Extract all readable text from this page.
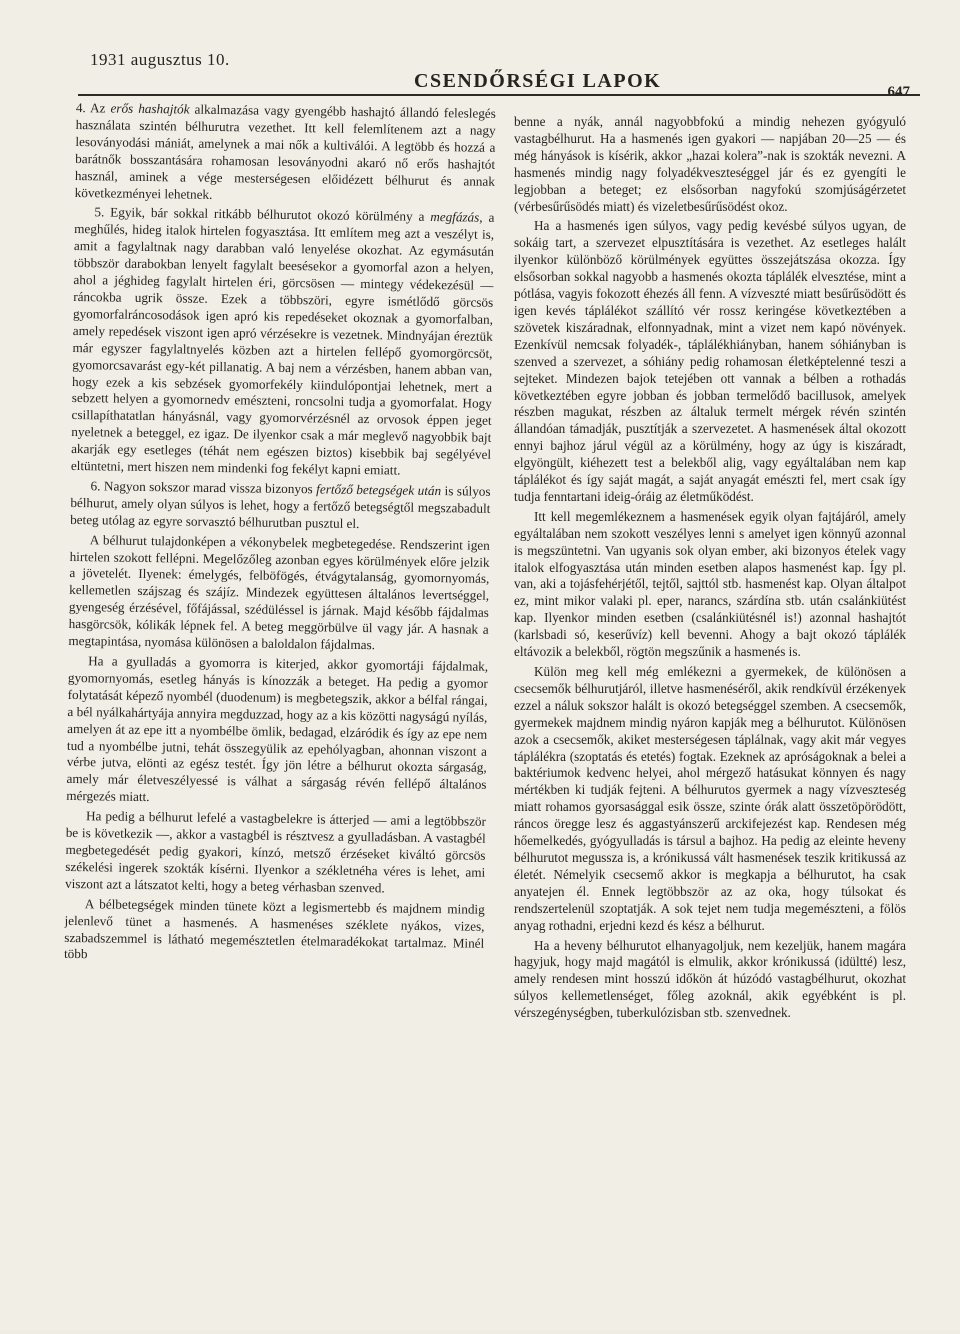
1931 augusztus 10.
CSENDŐRSÉGI LAPOK	647

4. Az erős hashajtók alkalmazása vagy gyengébb hashajtó állandó feleslegés használata szintén bélhurutra vezethet. Itt kell felemlítenem azt a nagy lesoványodási mániát, amelynek a mai nők a kultiválói. A legtöbb és hozzá a barátnők bosszantására rohamosan lesoványodni akaró nő erős hashajtót használ, aminek a vége mesterségesen előidézett bélhurut és annak következményei lehetnek.

5. Egyik, bár sokkal ritkább bélhurutot okozó körülmény a megfázás, a meghűlés, hideg italok hirtelen fogyasztása. Itt említem meg azt a veszélyt is, amit a fagylaltnak nagy darabban való lenyelése okozhat. Az egymásután többször darabokban lenyelt fagylalt beesésekor a gyomorfal azon a helyen, ahol a jéghideg fagylalt hirtelen éri, görcsösen — mintegy védekezésül — ráncokba ugrik össze. Ezek a többszöri, egyre ismétlődő görcsös gyomorfalráncosodások igen apró kis repedéseket okoznak a gyomorfalban, amely repedések viszont igen apró vérzésekre is vezetnek. Mindnyájan éreztük már egyszer fagylaltnyelés közben azt a hirtelen fellépő gyomorgörcsöt, gyomorcsavarást egy-két pillanatig. A baj nem a vérzésben, hanem abban van, hogy ezek a kis sebzések gyomorfekély kiindulópontjai lehetnek, mert a sebzett helyen a gyomornedv emészteni, roncsolni tudja a gyomorfalat. Hogy csillapíthatatlan hányásnál, vagy gyomorvérzésnél az orvosok éppen jeget nyeletnek a beteggel, ez igaz. De ilyenkor csak a már meglevő nagyobbik bajt akarják egy esetleges (téhát nem egészen biztos) kisebbik baj segélyével eltüntetni, mert hiszen nem mindenki fog fekélyt kapni emiatt.

6. Nagyon sokszor marad vissza bizonyos fertőző betegségek után is súlyos bélhurut, amely olyan súlyos is lehet, hogy a fertőző betegségtől megszabadult beteg utólag az egyre sorvasztó bélhurutban pusztul el.

A bélhurut tulajdonképen a vékonybelek megbetegedése. Rendszerint igen hirtelen szokott fellépni. Megelőzőleg azonban egyes körülmények előre jelzik a jövetelét. Ilyenek: émelygés, felböfögés, étvágytalanság, gyomornyomás, kellemetlen szájszag és szájíz. Mindezek együttesen általános levertséggel, gyengeség érzésével, főfájással, szédüléssel is járnak. Majd később fájdalmas hasgörcsök, kólikák lépnek fel. A beteg meggörbülve ül vagy jár. A hasnak a megtapintása, nyomása különösen a baloldalon fájdalmas.

Ha a gyulladás a gyomorra is kiterjed, akkor gyomortáji fájdalmak, gyomornyomás, esetleg hányás is kínozzák a beteget. Ha pedig a gyomor folytatását képező nyombél (duodenum) is megbetegszik, akkor a bélfal rángai, a bél nyálkahártyája annyira megduzzad, hogy az a kis közötti nagyságú nyílás, amelyen át az epe itt a nyombélbe ömlik, bedagad, elzáródik és így az epe nem tud a nyombélbe jutni, tehát összegyülik az epehólyagban, ahonnan viszont a vérbe jutva, elönti az egész testét. Így jön létre a bélhurut okozta sárgaság, amely már életveszélyessé is válhat a sárgaság révén fellépő általános mérgezés miatt.

Ha pedig a bélhurut lefelé a vastagbelekre is átterjed — ami a legtöbbször be is következik —, akkor a vastagbél is résztvesz a gyulladásban. A vastagbél megbetegedését pedig gyakori, kínzó, metsző érzéseket kiváltó görcsös székelési ingerek szokták kísérni. Ilyenkor a székletnéha véres is lehet, ami viszont azt a látszatot kelti, hogy a beteg vérhasban szenved.

A bélbetegségek minden tünete közt a legismertebb és majdnem mindig jelenlevő tünet a hasmenés. A hasmenéses széklete nyákos, vizes, szabadszemmel is látható megemésztetlen ételmaradékokat tartalmaz. Minél több

benne a nyák, annál nagyobbfokú a mindig nehezen gyógyuló vastagbélhurut. Ha a hasmenés igen gyakori — napjában 20—25 — és még hányások is kísérik, akkor „hazai kolera”-nak is szokták nevezni. A hasmenés mindig nagy folyadékveszteséggel jár és ez gyengíti le legjobban a beteget; ez elsősorban nagyfokú szomjúságérzetet (vérbesűrűsödés miatt) és vizeletbesűrűsödést okoz.

Ha a hasmenés igen súlyos, vagy pedig kevésbé súlyos ugyan, de sokáig tart, a szervezet elpusztítására is vezethet. Az esetleges halált ilyenkor különböző körülmények együttes összejátszása okozza. Így elsősorban sokkal nagyobb a hasmenés okozta táplálék elvesztése, mint a pótlása, vagyis fokozott éhezés áll fenn. A vízveszté miatt besűrűsödött és igen kevés táplálékot szállító vér rossz keringése következtében a szövetek kiszáradnak, elfonnyadnak, mint a vizet nem kapó növények. Ezenkívül nemcsak folyadék-, táplálékhiányban, hanem sóhiányban is szenved a szervezet, a sóhiány pedig rohamosan életképtelenné teszi a sejteket. Mindezen bajok tetejében ott vannak a bélben a rothadás következtében egyre jobban és jobban termelődő bacillusok, amelyek részben magukat, részben az általuk termelt mérgek révén szintén állandóan támadják, pusztítják a szervezetet. A hasmenések által okozott ennyi bajhoz járul végül az a körülmény, hogy az úgy is kiszáradt, elgyöngült, kiéhezett test a belekből alig, vagy egyáltalában nem kap táplálékot és így saját magát, a saját anyagát emészti fel, mert csak így tudja fenntartani ideig-óráig az életműködést.

Itt kell megemlékeznem a hasmenések egyik olyan fajtájáról, amely egyáltalában nem szokott veszélyes lenni s amelyet igen könnyű azonnal is megszüntetni. Van ugyanis sok olyan ember, aki bizonyos ételek vagy italok elfogyasztása után minden esetben alapos hasmenést kap. Így pl. van, aki a tojásfehérjétől, tejtől, sajttól stb. hasmenést kap. Olyan általpot ez, mint mikor valaki pl. eper, narancs, szárdína stb. után csalánkiütést kap. Ilyenkor minden esetben (csalánkiütésnél is!) azonnal hashajtót (karlsbadi só, keserűvíz) kell bevenni. Ahogy a bajt okozó táplálék eltávozik a belekből, rögtön megszűnik a hasmenés is.

Külön meg kell még emlékezni a gyermekek, de különösen a csecsemők bélhurutjáról, illetve hasmenéséről, akik rendkívül érzékenyek ezzel a náluk sokszor halált is okozó betegséggel szemben. A csecsemők, gyermekek majdnem mindig nyáron kapják meg a bélhurutot. Különösen azok a csecsemők, akiket mesterségesen táplálnak, vagy akit már vegyes táplálékra (szoptatás és etetés) fogtak. Ezeknek az apróságoknak a belei a baktériumok kedvenc helyei, ahol mérgező hatásukat könnyen és nagy mértékben ki tudják fejteni. A bélhurutos gyermek a nagy vízveszteség miatt rohamos gyorsasággal esik össze, szinte órák alatt összetöpörödött, ráncos öregge lesz és aggastyánszerű arckifejezést kap. Rendesen még hőemelkedés, gyógyulladás is társul a bajhoz. Ha pedig az eleinte heveny bélhurutot megussza is, a krónikussá vált hasmenések teszik kritikussá az életét. Némelyik csecsemő akkor is megkapja a bélhurutot, ha csak anyatejen él. Ennek legtöbbször az az oka, hogy túlsokat és rendszertelenül szoptatják. A sok tejet nem tudja megemészteni, a fölös anyag rothadni, erjedni kezd és kész a bélhurut.

Ha a heveny bélhurutot elhanyagoljuk, nem kezeljük, hanem magára hagyjuk, hogy majd magától is elmulik, akkor krónikussá (idültté) lesz, amely rendesen mint hosszú időkön át húzódó vastagbélhurut, okozhat súlyos kellemetlenséget, főleg azoknál, akik egyébként is pl. vérszegénységben, tuberkulózisban stb. szenvednek.
